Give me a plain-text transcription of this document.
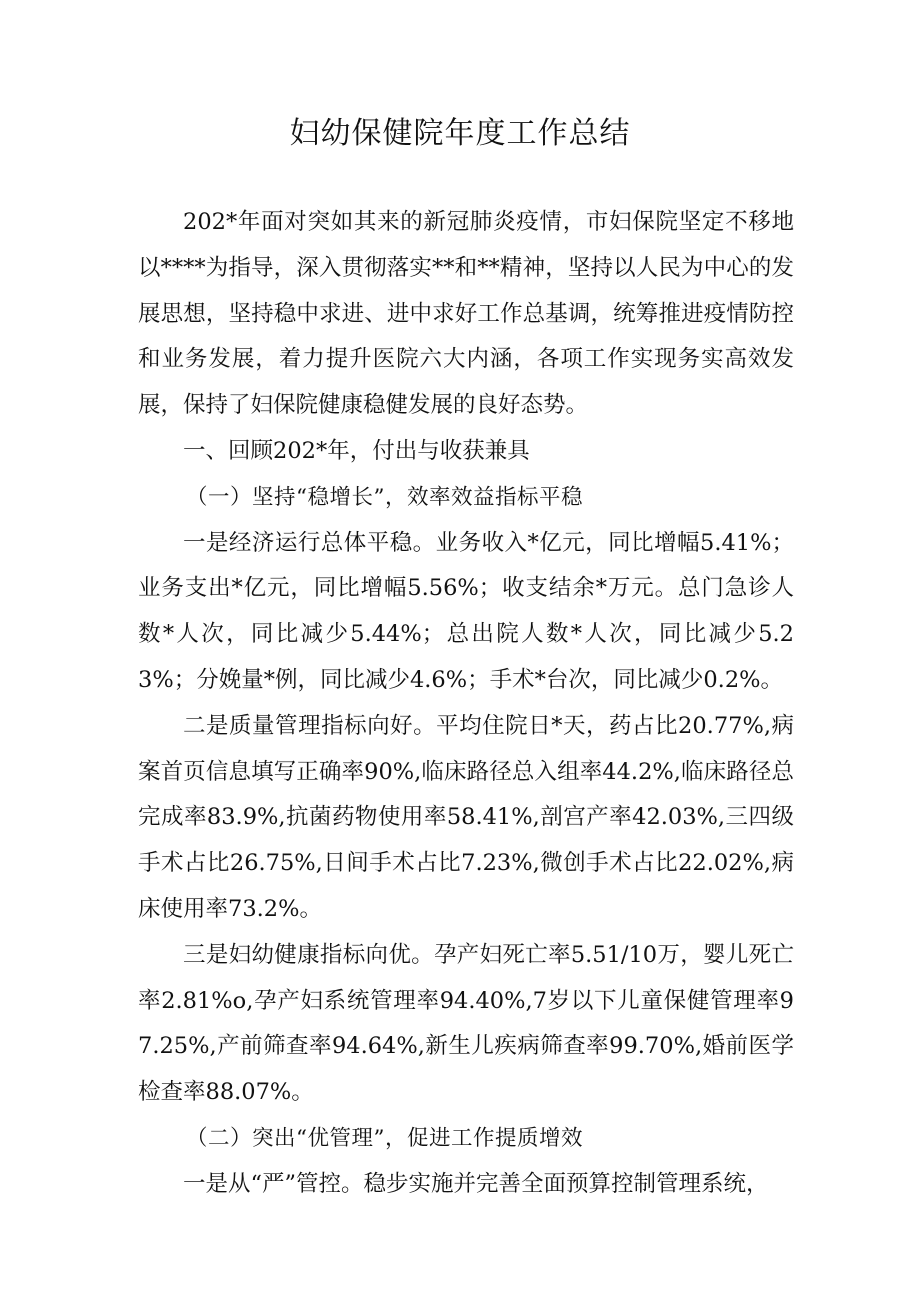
妇幼保健院年度工作总结

202*年面对突如其来的新冠肺炎疫情，市妇保院坚定不移地以****为指导，深入贯彻落实**和**精神，坚持以人民为中心的发展思想，坚持稳中求进、进中求好工作总基调，统筹推进疫情防控和业务发展，着力提升医院六大内涵，各项工作实现务实高效发展，保持了妇保院健康稳健发展的良好态势。

一、回顾202*年，付出与收获兼具

（一）坚持“稳增长”，效率效益指标平稳

一是经济运行总体平稳。业务收入*亿元，同比增幅5.41%；业务支出*亿元，同比增幅5.56%；收支结余*万元。总门急诊人数*人次，同比减少5.44%；总出院人数*人次，同比减少5.23%；分娩量*例，同比减少4.6%；手术*台次，同比减少0.2%。

二是质量管理指标向好。平均住院日*天，药占比20.77%,病案首页信息填写正确率90%,临床路径总入组率44.2%,临床路径总完成率83.9%,抗菌药物使用率58.41%,剖宫产率42.03%,三四级手术占比26.75%,日间手术占比7.23%,微创手术占比22.02%,病床使用率73.2%。

三是妇幼健康指标向优。孕产妇死亡率5.51/10万，婴儿死亡率2.81%o,孕产妇系统管理率94.40%,7岁以下儿童保健管理率97.25%,产前筛查率94.64%,新生儿疾病筛查率99.70%,婚前医学检查率88.07%。

（二）突出“优管理”，促进工作提质增效

一是从“严”管控。稳步实施并完善全面预算控制管理系统，
